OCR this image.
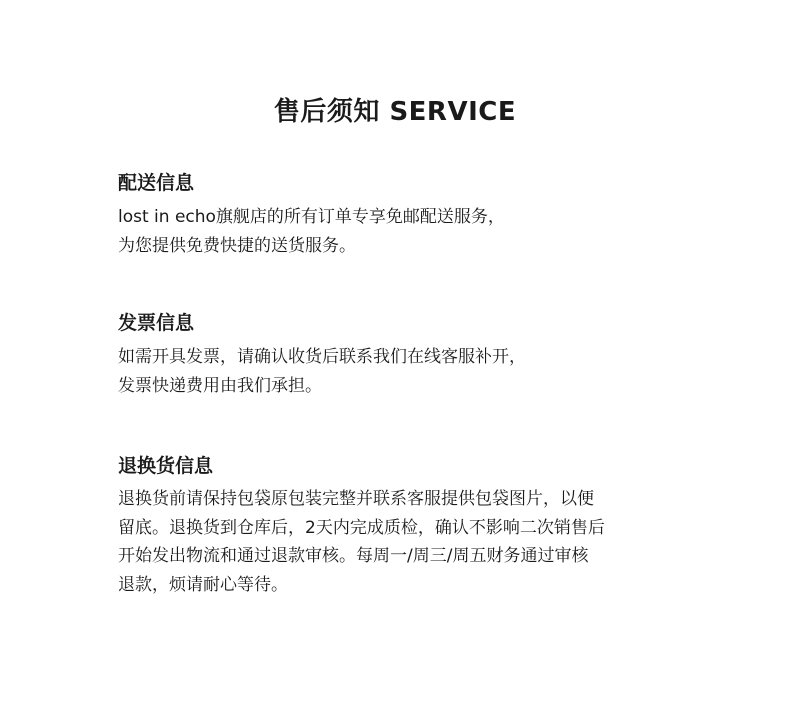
售后须知 SERVICE
配送信息

lost in echo旗舰店的所有订单专享免邮配送服务，
为您提供免费快捷的送货服务。

发票信息

如需开具发票，请确认收货后联系我们在线客服补开，
发票快递费用由我们承担。

退换货信息

退换货前请保持包袋原包装完整并联系客服提供包袋图片，以便
留底。退换货到仓库后，2天内完成质检，确认不影响二次销售后
开始发出物流和通过退款审核。每周一/周三/周五财务通过审核
退款，烦请耐心等待。
